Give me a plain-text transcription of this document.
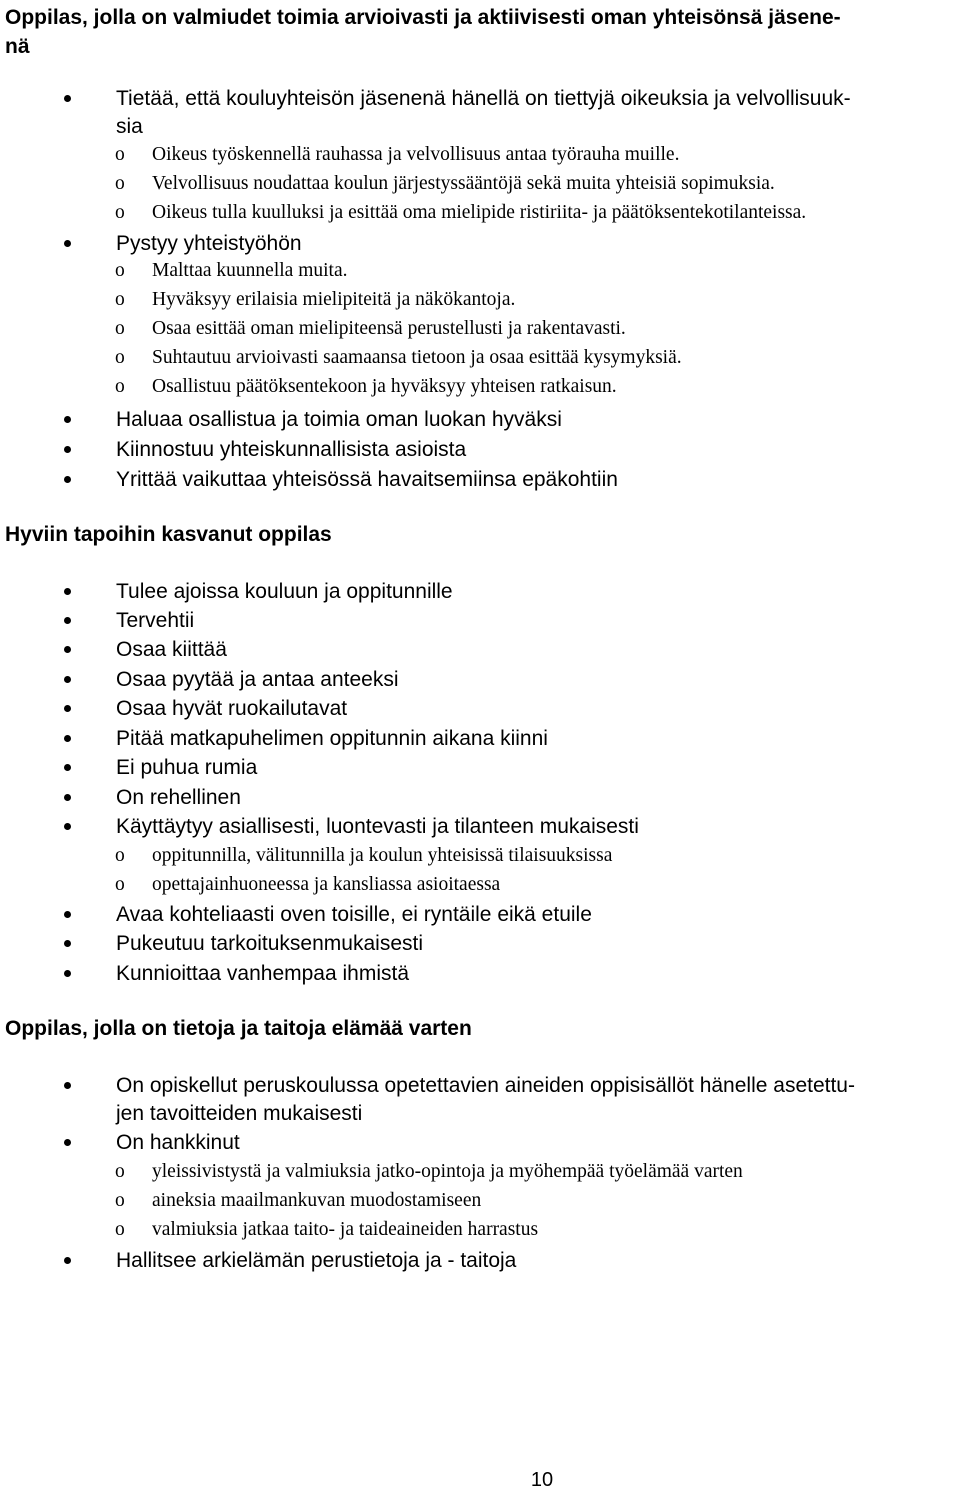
Oppilas, jolla on valmiudet toimia arvioivasti ja aktiivisesti oman yhteisönsä jäsene-
nä
Tietää, että kouluyhteisön jäsenenä hänellä on tiettyjä oikeuksia ja velvollisuuk-
sia
o Oikeus työskennellä rauhassa ja velvollisuus antaa työrauha muille.
o Velvollisuus noudattaa koulun järjestyssääntöjä sekä muita yhteisiä sopimuksia.
o Oikeus tulla kuulluksi ja esittää oma mielipide ristiriita- ja päätöksentekotilanteissa.
Pystyy yhteistyöhön
o Malttaa kuunnella muita.
o Hyväksyy erilaisia mielipiteitä ja näkökantoja.
o Osaa esittää oman mielipiteensä perustellusti ja rakentavasti.
o Suhtautuu arvioivasti saamaansa tietoon ja osaa esittää kysymyksiä.
o Osallistuu päätöksentekoon ja hyväksyy yhteisen ratkaisun.
Haluaa osallistua ja toimia oman luokan hyväksi
Kiinnostuu yhteiskunnallisista asioista
Yrittää vaikuttaa yhteisössä havaitsemiinsa epäkohtiin
Hyviin tapoihin kasvanut oppilas
Tulee ajoissa kouluun ja oppitunnille
Tervehtii
Osaa kiittää
Osaa pyytää ja antaa anteeksi
Osaa hyvät ruokailutavat
Pitää matkapuhelimen oppitunnin aikana kiinni
Ei puhua rumia
On rehellinen
Käyttäytyy asiallisesti, luontevasti ja tilanteen mukaisesti
o oppitunnilla, välitunnilla ja koulun yhteisissä tilaisuuksissa
o opettajainhuoneessa ja kansliassa asioitaessa
Avaa kohteliaasti oven toisille, ei ryntäile eikä etuile
Pukeutuu tarkoituksenmukaisesti
Kunnioittaa vanhempaa ihmistä
Oppilas, jolla on tietoja ja taitoja elämää varten
On opiskellut peruskoulussa opetettavien aineiden oppisisällöt hänelle asetettu-
jen tavoitteiden mukaisesti
On hankkinut
o yleissivistystä ja valmiuksia jatko-opintoja ja myöhempää työelämää varten
o aineksia maailmankuvan muodostamiseen
o valmiuksia jatkaa taito- ja taideaineiden harrastus
Hallitsee arkielämän perustietoja ja - taitoja
10
